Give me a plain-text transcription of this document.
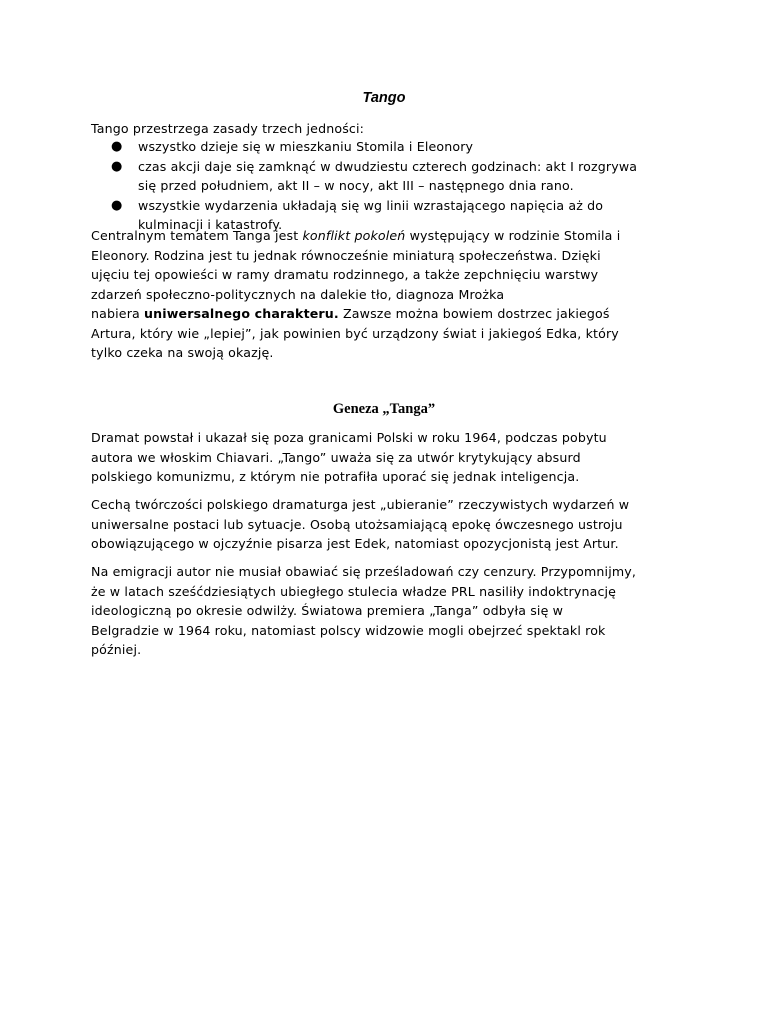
Tango
Tango przestrzega zasady trzech jedności:
● wszystko dzieje się w mieszkaniu Stomila i Eleonory
● czas akcji daje się zamknąć w dwudziestu czterech godzinach: akt I rozgrywa
się przed południem, akt II – w nocy, akt III – następnego dnia rano.
● wszystkie wydarzenia układają się wg linii wzrastającego napięcia aż do
kulminacji i katastrofy.
Centralnym tematem Tanga jest konflikt pokoleń występujący w rodzinie Stomila i
Eleonory. Rodzina jest tu jednak równocześnie miniaturą społeczeństwa. Dzięki
ujęciu tej opowieści w ramy dramatu rodzinnego, a także zepchnięciu warstwy
zdarzeń społeczno-politycznych na dalekie tło, diagnoza Mrożka
nabiera uniwersalnego charakteru. Zawsze można bowiem dostrzec jakiegoś
Artura, który wie „lepiej”, jak powinien być urządzony świat i jakiegoś Edka, który
tylko czeka na swoją okazję.
Geneza „Tanga”
Dramat powstał i ukazał się poza granicami Polski w roku 1964, podczas pobytu
autora we włoskim Chiavari. „Tango” uważa się za utwór krytykujący absurd
polskiego komunizmu, z którym nie potrafiła uporać się jednak inteligencja.
Cechą twórczości polskiego dramaturga jest „ubieranie” rzeczywistych wydarzeń w
uniwersalne postaci lub sytuacje. Osobą utożsamiającą epokę ówczesnego ustroju
obowiązującego w ojczyźnie pisarza jest Edek, natomiast opozycjonistą jest Artur.
Na emigracji autor nie musiał obawiać się prześladowań czy cenzury. Przypomnijmy,
że w latach sześćdziesiątych ubiegłego stulecia władze PRL nasiliły indoktrynację
ideologiczną po okresie odwilży. Światowa premiera „Tanga” odbyła się w
Belgradzie w 1964 roku, natomiast polscy widzowie mogli obejrzeć spektakl rok
później.
